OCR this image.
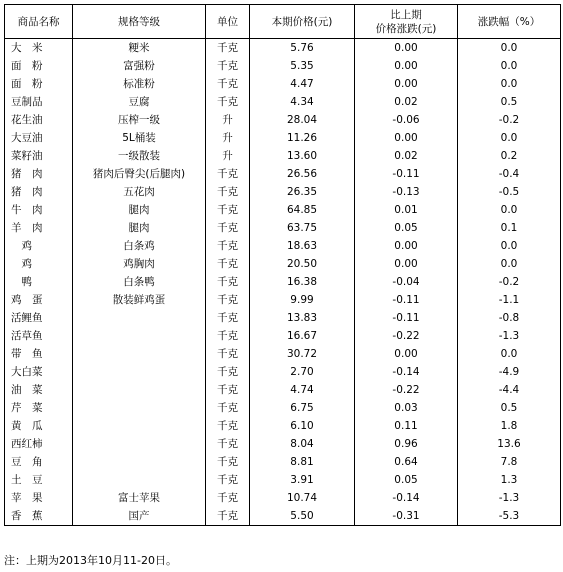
商品名称	规格等级	单位	本期价格(元)	比上期
价格涨跌(元)	涨跌幅（%）
大　米	粳米	千克	5.76	0.00	0.0
面　粉	富强粉	千克	5.35	0.00	0.0
面　粉	标准粉	千克	4.47	0.00	0.0
豆制品	豆腐	千克	4.34	0.02	0.5
花生油	压榨一级	升	28.04	-0.06	-0.2
大豆油	5L桶装	升	11.26	0.00	0.0
菜籽油	一级散装	升	13.60	0.02	0.2
猪　肉	猪肉后臀尖(后腿肉)	千克	26.56	-0.11	-0.4
猪　肉	五花肉	千克	26.35	-0.13	-0.5
牛　肉	腿肉	千克	64.85	0.01	0.0
羊　肉	腿肉	千克	63.75	0.05	0.1
　鸡	白条鸡	千克	18.63	0.00	0.0
　鸡	鸡胸肉	千克	20.50	0.00	0.0
　鸭	白条鸭	千克	16.38	-0.04	-0.2
鸡　蛋	散装鲜鸡蛋	千克	9.99	-0.11	-1.1
活鲤鱼		千克	13.83	-0.11	-0.8
活草鱼		千克	16.67	-0.22	-1.3
带　鱼		千克	30.72	0.00	0.0
大白菜		千克	2.70	-0.14	-4.9
油　菜		千克	4.74	-0.22	-4.4
芹　菜		千克	6.75	0.03	0.5
黄　瓜		千克	6.10	0.11	1.8
西红柿		千克	8.04	0.96	13.6
豆　角		千克	8.81	0.64	7.8
土　豆		千克	3.91	0.05	1.3
苹　果	富士苹果	千克	10.74	-0.14	-1.3
香　蕉	国产	千克	5.50	-0.31	-5.3
注：上期为2013年10月11-20日。
